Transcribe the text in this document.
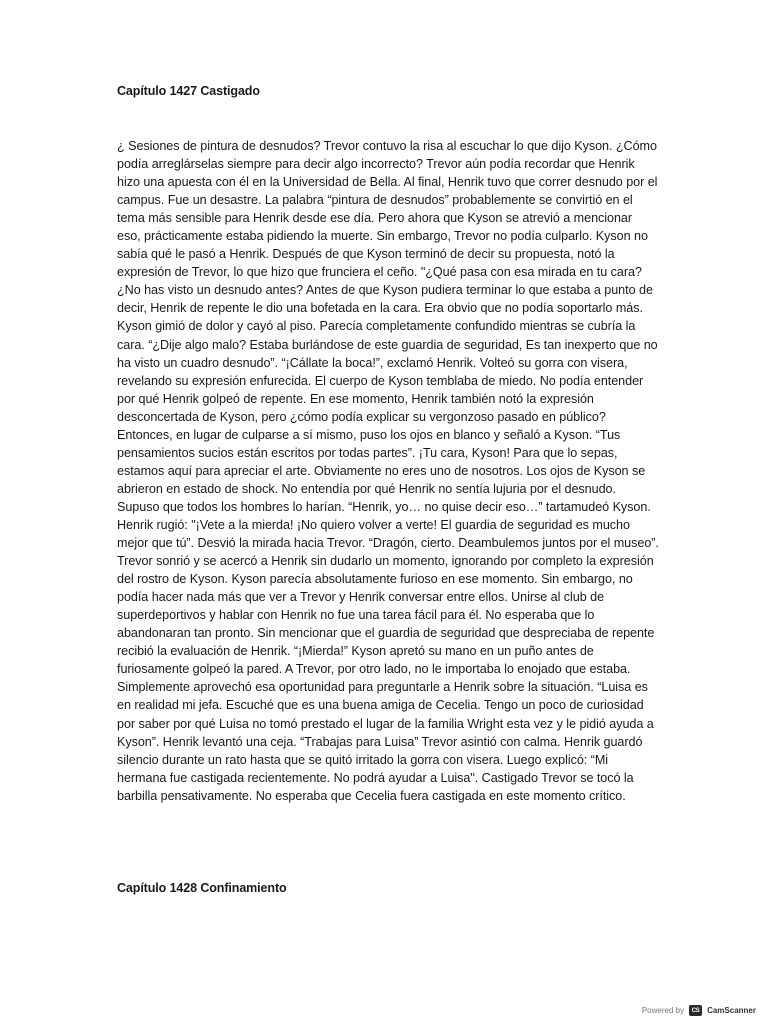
Capítulo 1427 Castigado

¿ Sesiones de pintura de desnudos? Trevor contuvo la risa al escuchar lo que dijo Kyson. ¿Cómo podía arreglárselas siempre para decir algo incorrecto? Trevor aún podía recordar que Henrik hizo una apuesta con él en la Universidad de Bella. Al final, Henrik tuvo que correr desnudo por el campus. Fue un desastre. La palabra “pintura de desnudos” probablemente se convirtió en el tema más sensible para Henrik desde ese día. Pero ahora que Kyson se atrevió a mencionar eso, prácticamente estaba pidiendo la muerte. Sin embargo, Trevor no podía culparlo. Kyson no sabía qué le pasó a Henrik. Después de que Kyson terminó de decir su propuesta, notó la expresión de Trevor, lo que hizo que frunciera el ceño. "¿Qué pasa con esa mirada en tu cara? ¿No has visto un desnudo antes? Antes de que Kyson pudiera terminar lo que estaba a punto de decir, Henrik de repente le dio una bofetada en la cara. Era obvio que no podía soportarlo más. Kyson gimió de dolor y cayó al piso. Parecía completamente confundido mientras se cubría la cara. “¿Dije algo malo? Estaba burlándose de este guardia de seguridad, Es tan inexperto que no ha visto un cuadro desnudo”. “¡Cállate la boca!”, exclamó Henrik. Volteó su gorra con visera, revelando su expresión enfurecida. El cuerpo de Kyson temblaba de miedo. No podía entender por qué Henrik golpeó de repente. En ese momento, Henrik también notó la expresión desconcertada de Kyson, pero ¿cómo podía explicar su vergonzoso pasado en público? Entonces, en lugar de culparse a sí mismo, puso los ojos en blanco y señaló a Kyson. “Tus pensamientos sucios están escritos por todas partes”. ¡Tu cara, Kyson! Para que lo sepas, estamos aquí para apreciar el arte. Obviamente no eres uno de nosotros. Los ojos de Kyson se abrieron en estado de shock. No entendía por qué Henrik no sentía lujuria por el desnudo. Supuso que todos los hombres lo harían. “Henrik, yo… no quise decir eso…” tartamudeó Kyson. Henrik rugió: "¡Vete a la mierda! ¡No quiero volver a verte! El guardia de seguridad es mucho mejor que tú”. Desvió la mirada hacia Trevor. “Dragón, cierto. Deambulemos juntos por el museo”. Trevor sonrió y se acercó a Henrik sin dudarlo un momento, ignorando por completo la expresión del rostro de Kyson. Kyson parecía absolutamente furioso en ese momento. Sin embargo, no podía hacer nada más que ver a Trevor y Henrik conversar entre ellos. Unirse al club de superdeportivos y hablar con Henrik no fue una tarea fácil para él. No esperaba que lo abandonaran tan pronto. Sin mencionar que el guardia de seguridad que despreciaba de repente recibió la evaluación de Henrik. “¡Mierda!” Kyson apretó su mano en un puño antes de furiosamente golpeó la pared. A Trevor, por otro lado, no le importaba lo enojado que estaba. Simplemente aprovechó esa oportunidad para preguntarle a Henrik sobre la situación. “Luisa es en realidad mi jefa. Escuché que es una buena amiga de Cecelia. Tengo un poco de curiosidad por saber por qué Luisa no tomó prestado el lugar de la familia Wright esta vez y le pidió ayuda a Kyson”. Henrik levantó una ceja. “Trabajas para Luisa” Trevor asintió con calma. Henrik guardó silencio durante un rato hasta que se quitó irritado la gorra con visera. Luego explicó: “Mi hermana fue castigada recientemente. No podrá ayudar a Luisa". Castigado Trevor se tocó la barbilla pensativamente. No esperaba que Cecelia fuera castigada en este momento crítico.

Capítulo 1428 Confinamiento
Powered by	CS CamScanner
